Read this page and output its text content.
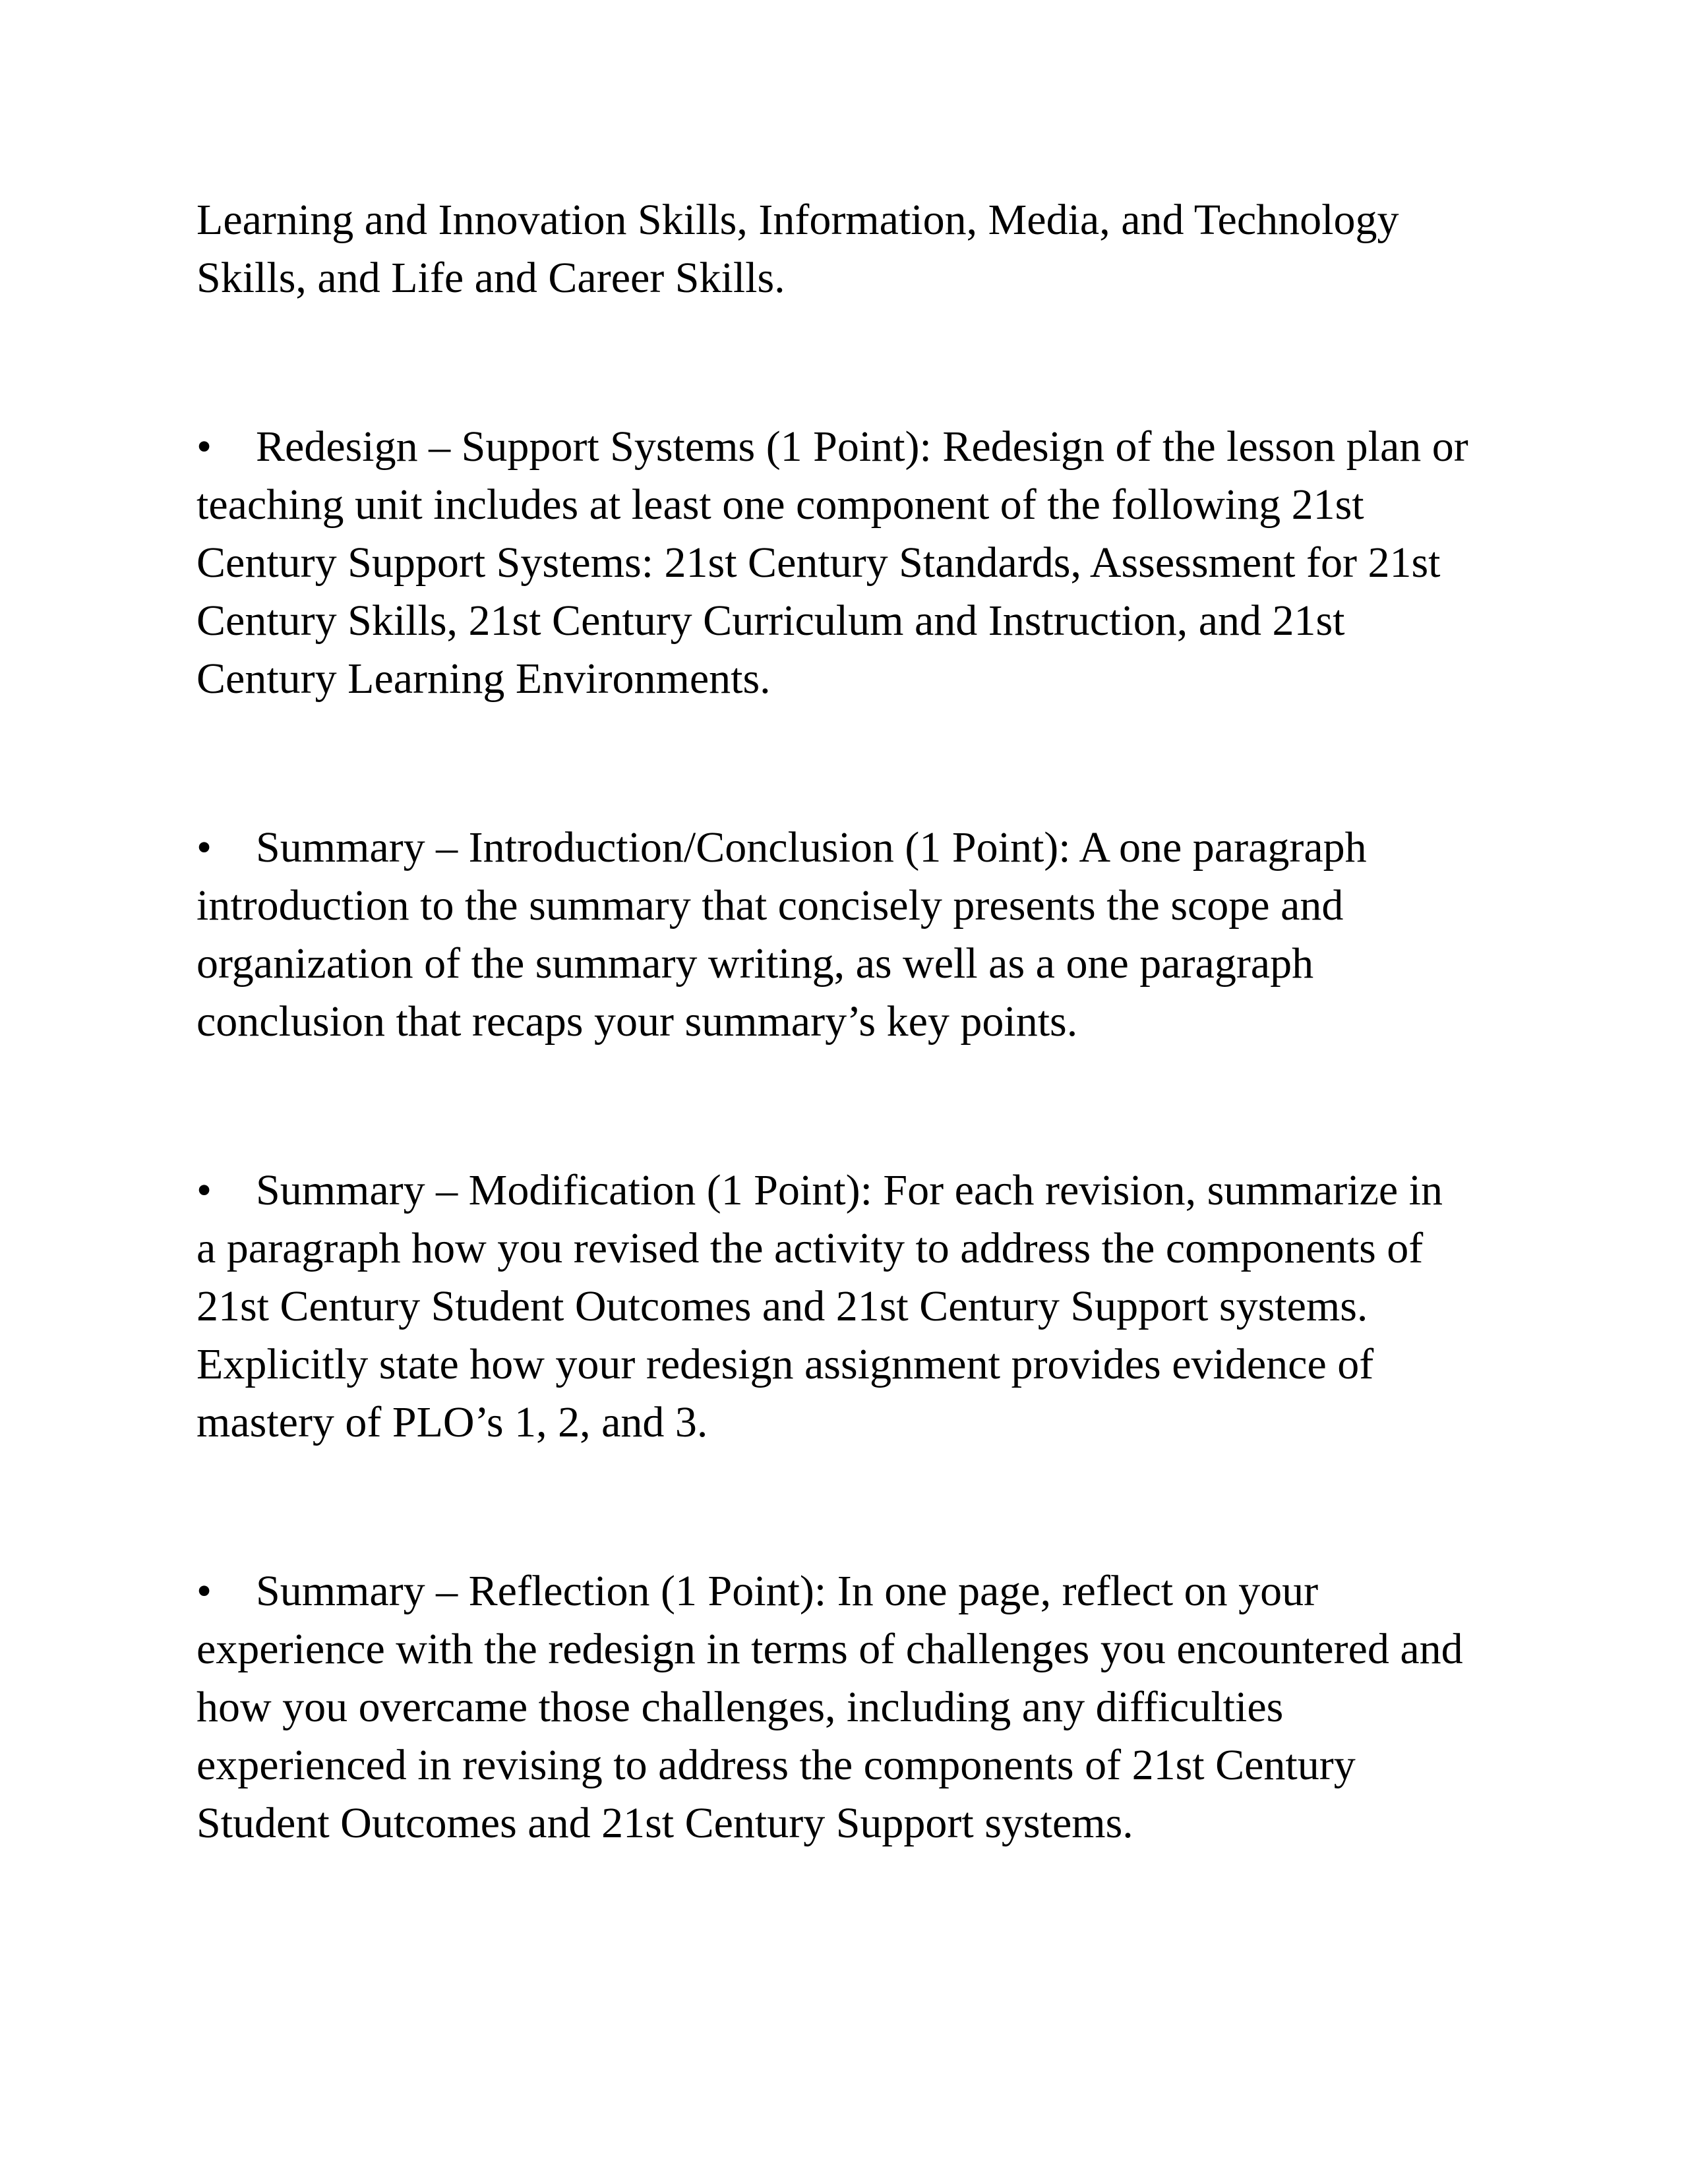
Learning and Innovation Skills, Information, Media, and Technology

Skills, and Life and Career Skills.

• Redesign – Support Systems (1 Point): Redesign of the lesson plan or

teaching unit includes at least one component of the following 21st

Century Support Systems: 21st Century Standards, Assessment for 21st

Century Skills, 21st Century Curriculum and Instruction, and 21st

Century Learning Environments.

• Summary – Introduction/Conclusion (1 Point): A one paragraph

introduction to the summary that concisely presents the scope and

organization of the summary writing, as well as a one paragraph

conclusion that recaps your summary’s key points.

• Summary – Modification (1 Point): For each revision, summarize in

a paragraph how you revised the activity to address the components of

21st Century Student Outcomes and 21st Century Support systems.

Explicitly state how your redesign assignment provides evidence of

mastery of PLO’s 1, 2, and 3.

• Summary – Reflection (1 Point): In one page, reflect on your

experience with the redesign in terms of challenges you encountered and

how you overcame those challenges, including any difficulties

experienced in revising to address the components of 21st Century

Student Outcomes and 21st Century Support systems.
